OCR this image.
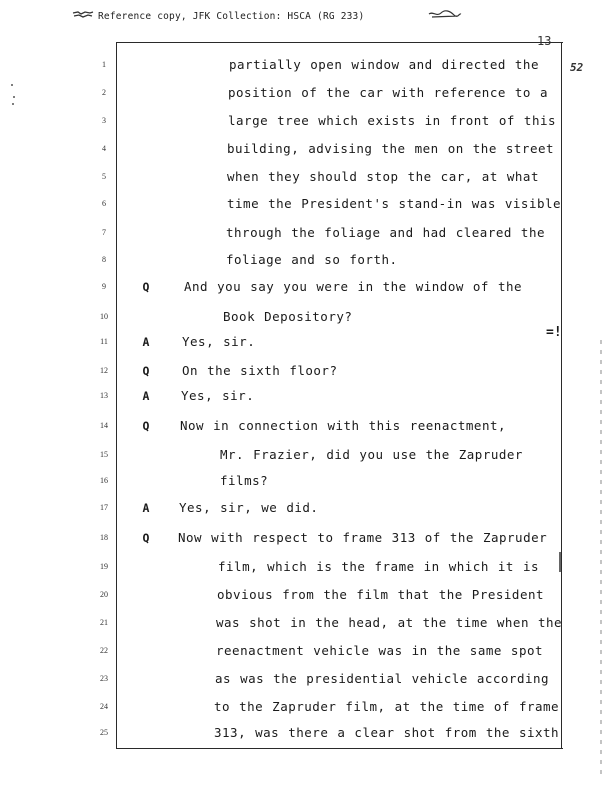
Reference copy, JFK Collection: HSCA (RG 233)
13
52
=!
1	partially open window and directed the
2	position of the car with reference to a
3	large tree which exists in front of this
4	building, advising the men on the street
5	when they should stop the car, at what
6	time the President's stand-in was visible
7	through the foliage and had cleared the
8	foliage and so forth.
9	Q	And you say you were in the window of the
10	Book Depository?
11	A	Yes, sir.
12	Q	On the sixth floor?
13	A	Yes, sir.
14	Q	Now in connection with this reenactment,
15	Mr. Frazier, did you use the Zapruder
16	films?
17	A	Yes, sir, we did.
18	Q	Now with respect to frame 313 of the Zapruder
19	film, which is the frame in which it is
20	obvious from the film that the President
21	was shot in the head, at the time when the
22	reenactment vehicle was in the same spot
23	as was the presidential vehicle according
24	to the Zapruder film, at the time of frame
25	313, was there a clear shot from the sixth
